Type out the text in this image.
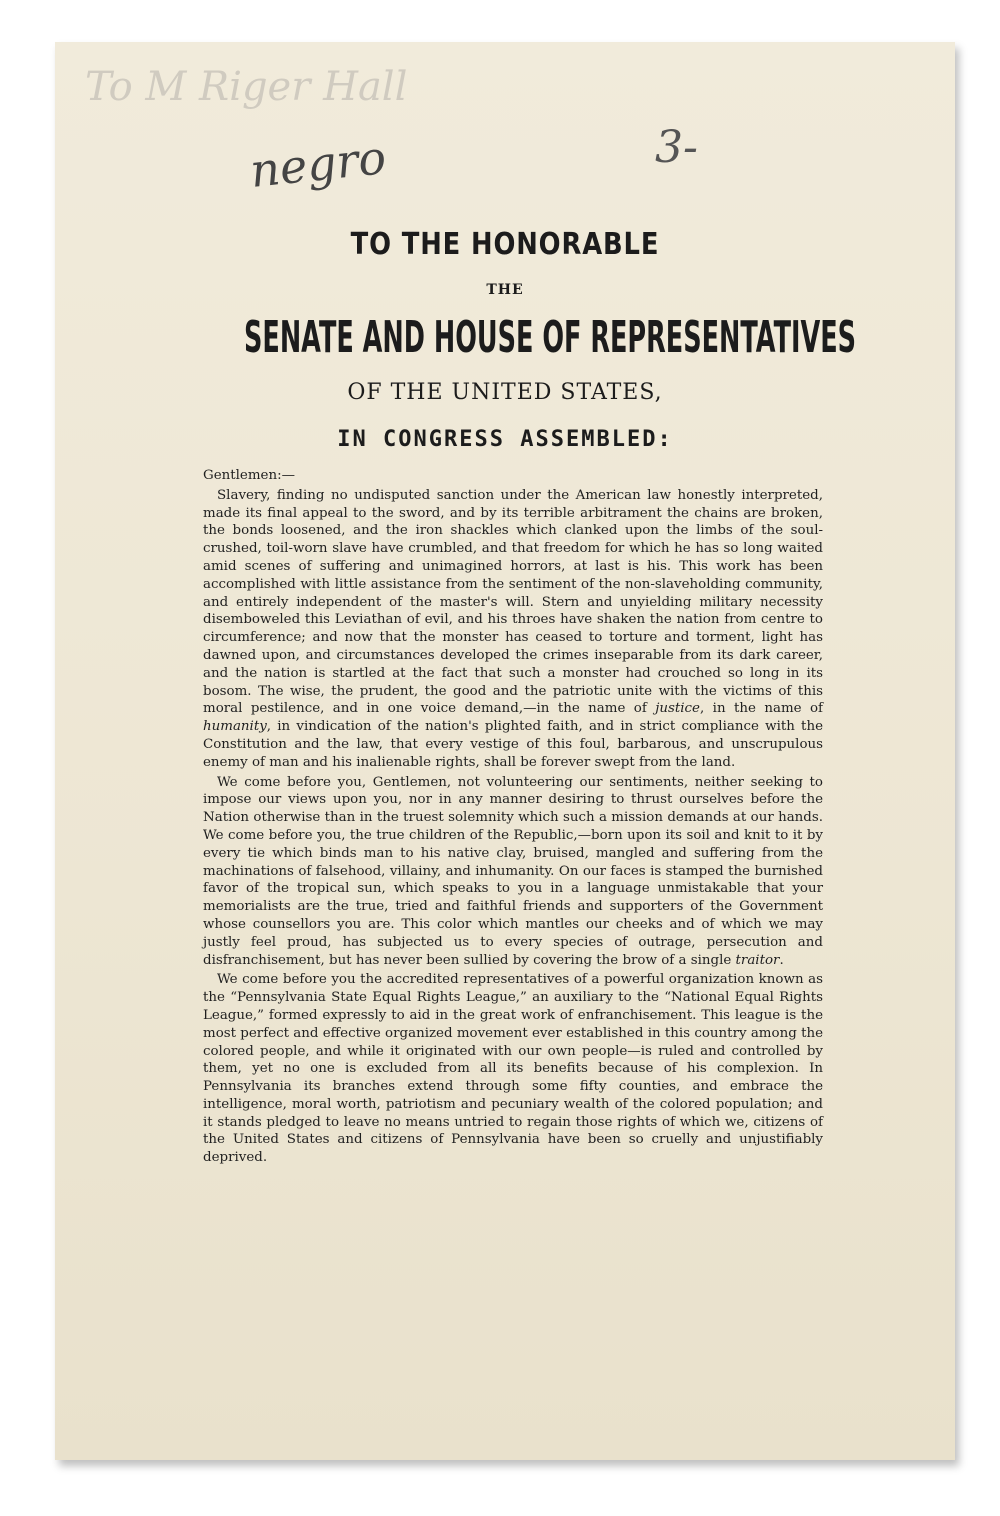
To M Riger Hall
negro	3-
TO THE HONORABLE
THE
SENATE AND HOUSE OF REPRESENTATIVES
OF THE UNITED STATES,
IN CONGRESS ASSEMBLED:

Gentlemen:—

Slavery, finding no undisputed sanction under the American law honestly interpreted, made its final appeal to the sword, and by its terrible arbitrament the chains are broken, the bonds loosened, and the iron shackles which clanked upon the limbs of the soul-crushed, toil-worn slave have crumbled, and that freedom for which he has so long waited amid scenes of suffering and unimagined horrors, at last is his. This work has been accomplished with little assistance from the sentiment of the non-slaveholding community, and entirely independent of the master's will. Stern and unyielding military necessity disemboweled this Leviathan of evil, and his throes have shaken the nation from centre to circumference; and now that the monster has ceased to torture and torment, light has dawned upon, and circumstances developed the crimes inseparable from its dark career, and the nation is startled at the fact that such a monster had crouched so long in its bosom. The wise, the prudent, the good and the patriotic unite with the victims of this moral pestilence, and in one voice demand,—in the name of justice, in the name of humanity, in vindication of the nation's plighted faith, and in strict compliance with the Constitution and the law, that every vestige of this foul, barbarous, and unscrupulous enemy of man and his inalienable rights, shall be forever swept from the land.

We come before you, Gentlemen, not volunteering our sentiments, neither seeking to impose our views upon you, nor in any manner desiring to thrust ourselves before the Nation otherwise than in the truest solemnity which such a mission demands at our hands. We come before you, the true children of the Republic,—born upon its soil and knit to it by every tie which binds man to his native clay, bruised, mangled and suffering from the machinations of falsehood, villainy, and inhumanity. On our faces is stamped the burnished favor of the tropical sun, which speaks to you in a language unmistakable that your memorialists are the true, tried and faithful friends and supporters of the Government whose counsellors you are. This color which mantles our cheeks and of which we may justly feel proud, has subjected us to every species of outrage, persecution and disfranchisement, but has never been sullied by covering the brow of a single traitor.

We come before you the accredited representatives of a powerful organization known as the “Pennsylvania State Equal Rights League,” an auxiliary to the “National Equal Rights League,” formed expressly to aid in the great work of enfranchisement. This league is the most perfect and effective organized movement ever established in this country among the colored people, and while it originated with our own people—is ruled and controlled by them, yet no one is excluded from all its benefits because of his complexion. In Pennsylvania its branches extend through some fifty counties, and embrace the intelligence, moral worth, patriotism and pecuniary wealth of the colored population; and it stands pledged to leave no means untried to regain those rights of which we, citizens of the United States and citizens of Pennsylvania have been so cruelly and unjustifiably deprived.
